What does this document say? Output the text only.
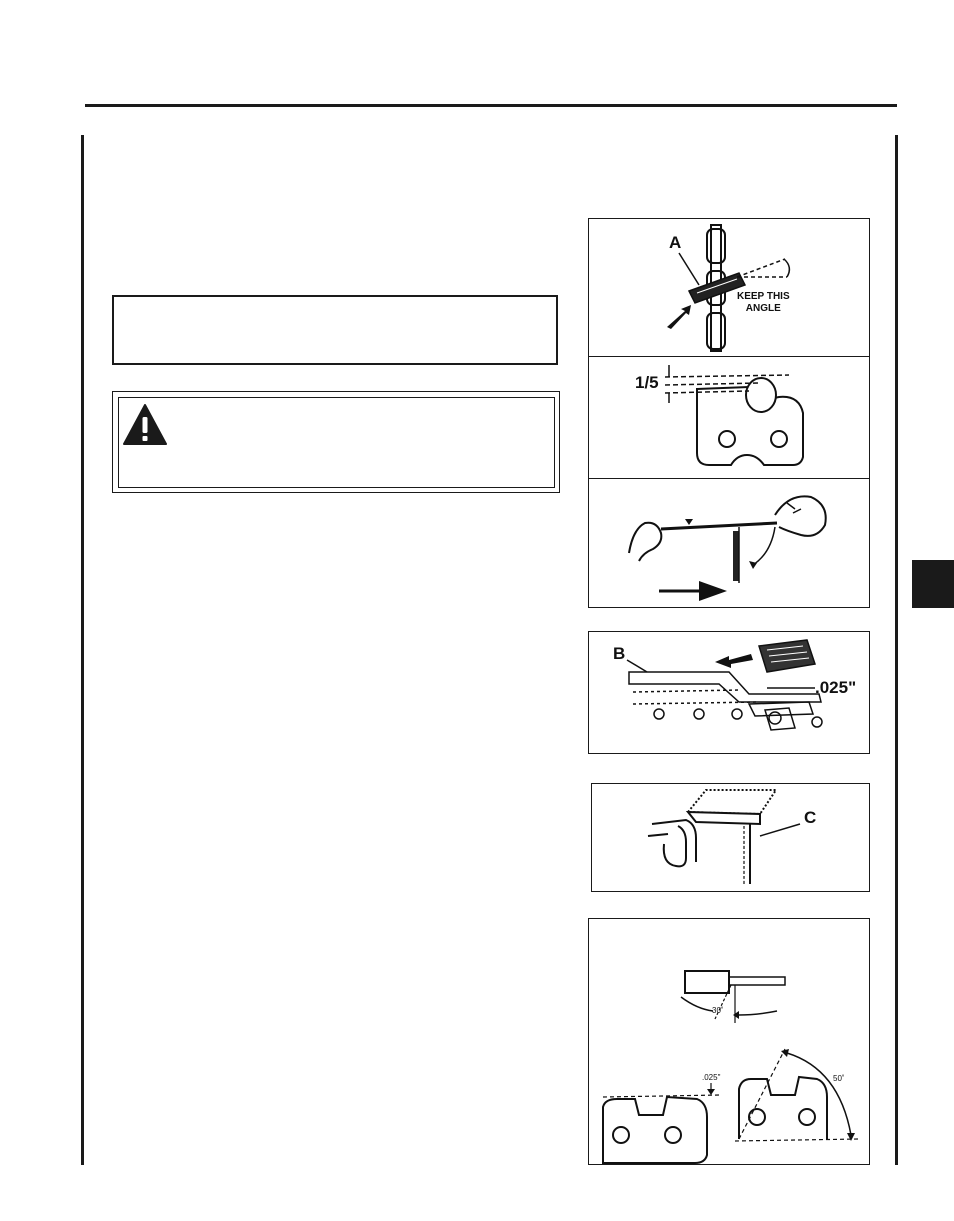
A
KEEP THIS
ANGLE
1/5
B
.025"
C
30˚
.025"	50˚
